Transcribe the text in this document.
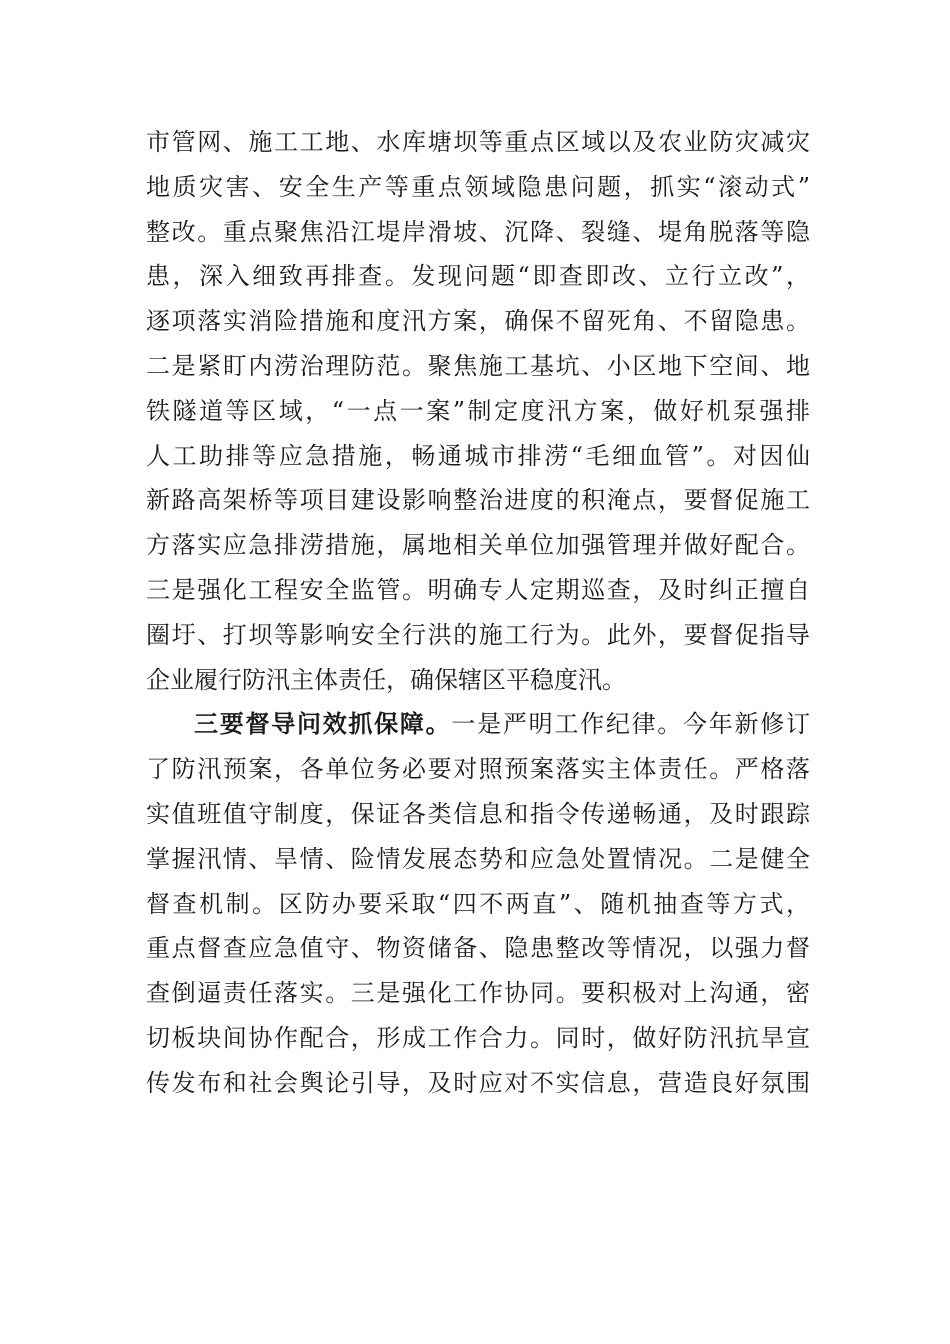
市管网、施工工地、水库塘坝等重点区域以及农业防灾减灾
地质灾害、安全生产等重点领域隐患问题，抓实“滚动式”
整改。重点聚焦沿江堤岸滑坡、沉降、裂缝、堤角脱落等隐
患，深入细致再排查。发现问题“即查即改、立行立改”，
逐项落实消险措施和度汛方案，确保不留死角、不留隐患。
二是紧盯内涝治理防范。聚焦施工基坑、小区地下空间、地
铁隧道等区域，“一点一案”制定度汛方案，做好机泵强排
人工助排等应急措施，畅通城市排涝“毛细血管”。对因仙
新路高架桥等项目建设影响整治进度的积淹点，要督促施工
方落实应急排涝措施，属地相关单位加强管理并做好配合。
三是强化工程安全监管。明确专人定期巡查，及时纠正擅自
圈圩、打坝等影响安全行洪的施工行为。此外，要督促指导
企业履行防汛主体责任，确保辖区平稳度汛。
三要督导问效抓保障。一是严明工作纪律。今年新修订
了防汛预案，各单位务必要对照预案落实主体责任。严格落
实值班值守制度，保证各类信息和指令传递畅通，及时跟踪
掌握汛情、旱情、险情发展态势和应急处置情况。二是健全
督查机制。区防办要采取“四不两直”、随机抽查等方式，
重点督查应急值守、物资储备、隐患整改等情况，以强力督
查倒逼责任落实。三是强化工作协同。要积极对上沟通，密
切板块间协作配合，形成工作合力。同时，做好防汛抗旱宣
传发布和社会舆论引导，及时应对不实信息，营造良好氛围
